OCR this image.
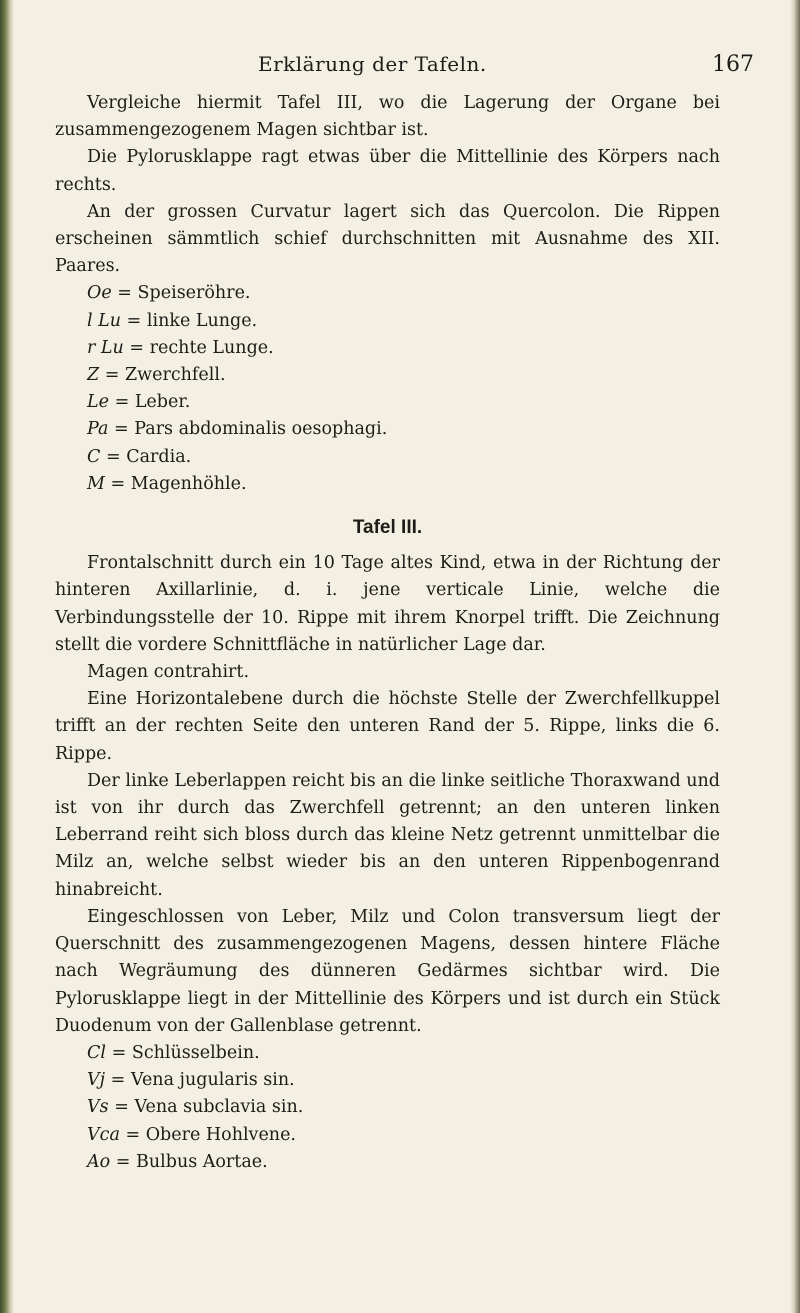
Erklärung der Tafeln.	167

Vergleiche hiermit Tafel III, wo die Lagerung der Organe bei zusammengezogenem Magen sichtbar ist.

Die Pylorusklappe ragt etwas über die Mittellinie des Körpers nach rechts.

An der grossen Curvatur lagert sich das Quercolon. Die Rippen erscheinen sämmtlich schief durchschnitten mit Ausnahme des XII. Paares.

Oe = Speiseröhre.

l Lu = linke Lunge.

r Lu = rechte Lunge.

Z = Zwerchfell.

Le = Leber.

Pa = Pars abdominalis oesophagi.

C = Cardia.

M = Magenhöhle.

Tafel III.

Frontalschnitt durch ein 10 Tage altes Kind, etwa in der Richtung der hinteren Axillarlinie, d. i. jene verticale Linie, welche die Verbindungsstelle der 10. Rippe mit ihrem Knorpel trifft. Die Zeichnung stellt die vordere Schnittfläche in natürlicher Lage dar.

Magen contrahirt.

Eine Horizontalebene durch die höchste Stelle der Zwerchfellkuppel trifft an der rechten Seite den unteren Rand der 5. Rippe, links die 6. Rippe.

Der linke Leberlappen reicht bis an die linke seitliche Thoraxwand und ist von ihr durch das Zwerchfell getrennt; an den unteren linken Leberrand reiht sich bloss durch das kleine Netz getrennt unmittelbar die Milz an, welche selbst wieder bis an den unteren Rippenbogenrand hinabreicht.

Eingeschlossen von Leber, Milz und Colon transversum liegt der Querschnitt des zusammengezogenen Magens, dessen hintere Fläche nach Wegräumung des dünneren Gedärmes sichtbar wird. Die Pylorusklappe liegt in der Mittellinie des Körpers und ist durch ein Stück Duodenum von der Gallenblase getrennt.

Cl = Schlüsselbein.

Vj = Vena jugularis sin.

Vs = Vena subclavia sin.

Vca = Obere Hohlvene.

Ao = Bulbus Aortae.
